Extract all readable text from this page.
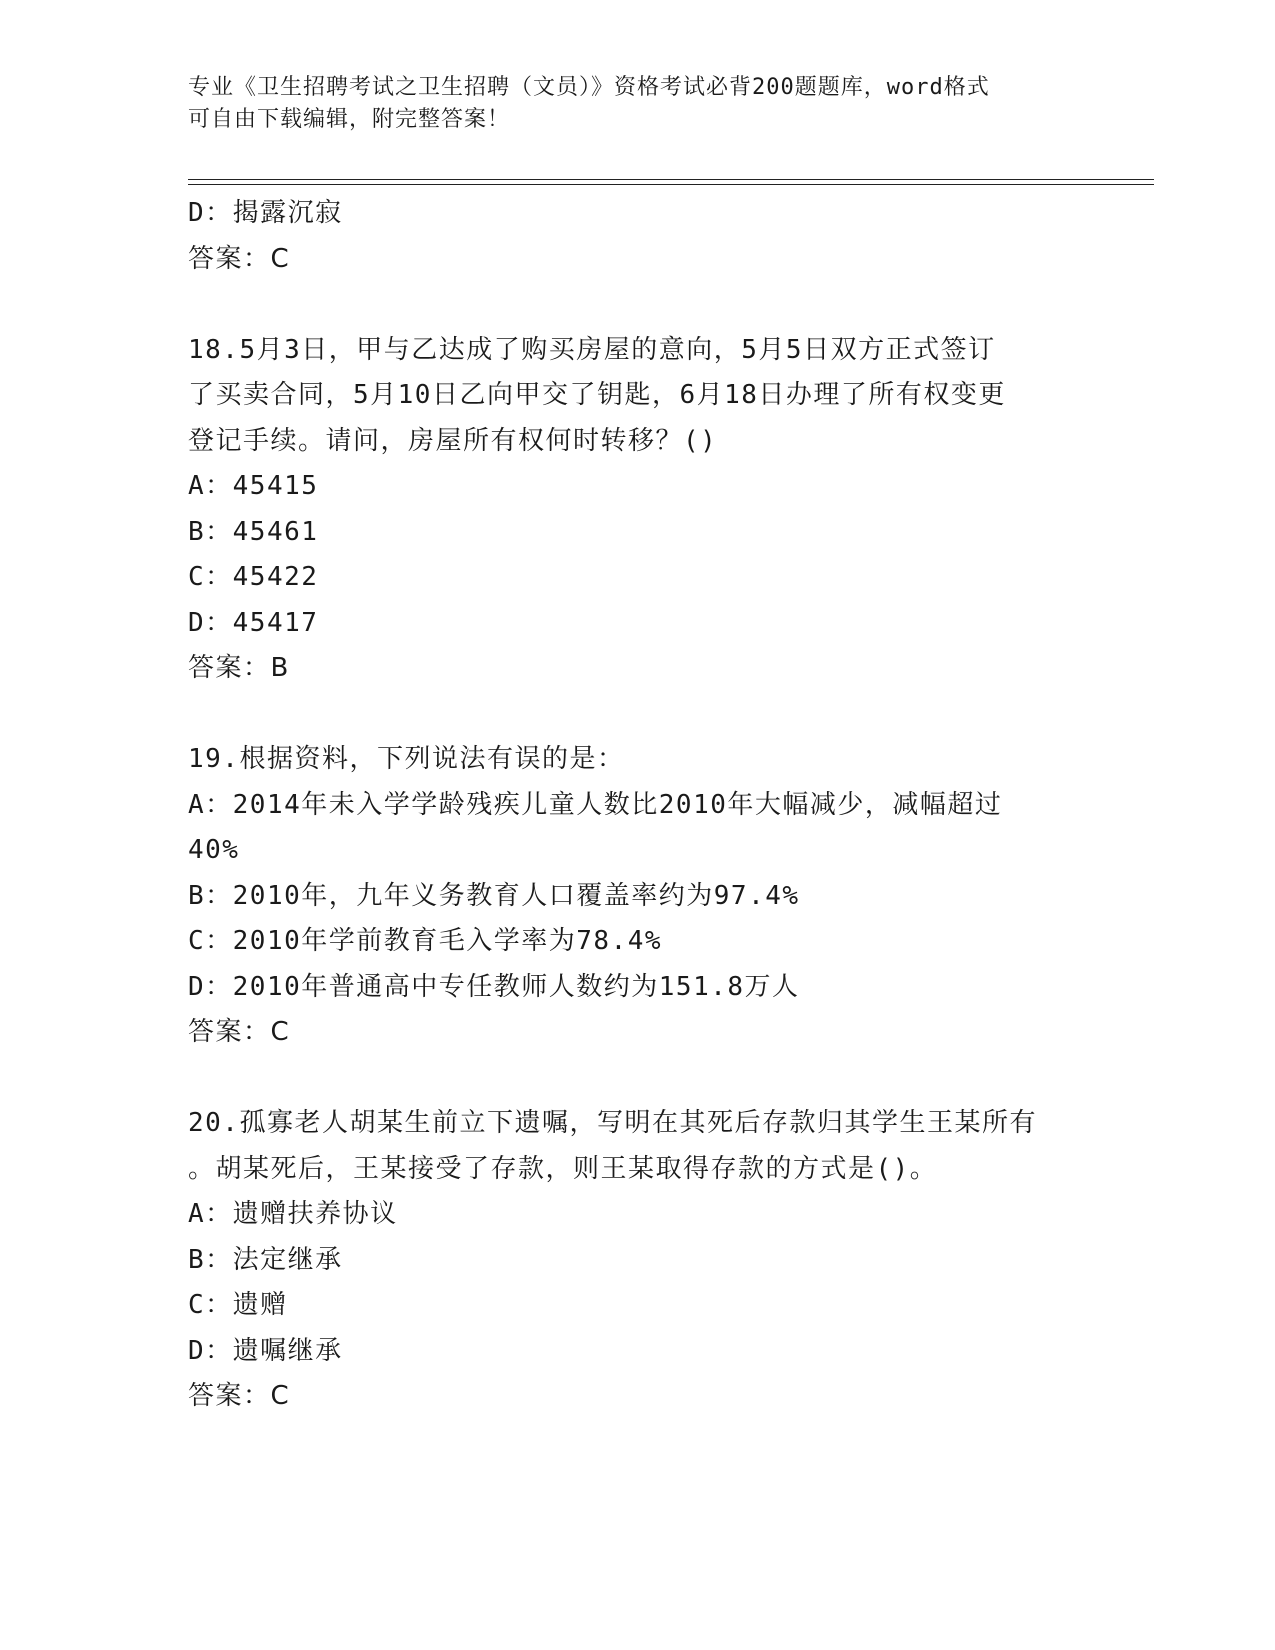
专业《卫生招聘考试之卫生招聘（文员）》资格考试必背200题题库，word格式
可自由下载编辑，附完整答案！
D：揭露沉寂
答案：C
18.5月3日，甲与乙达成了购买房屋的意向，5月5日双方正式签订
了买卖合同，5月10日乙向甲交了钥匙，6月18日办理了所有权变更
登记手续。请问，房屋所有权何时转移？()
A：45415
B：45461
C：45422
D：45417
答案：B
19.根据资料，下列说法有误的是：
A：2014年未入学学龄残疾儿童人数比2010年大幅减少，减幅超过
40%
B：2010年，九年义务教育人口覆盖率约为97.4%
C：2010年学前教育毛入学率为78.4%
D：2010年普通高中专任教师人数约为151.8万人
答案：C
20.孤寡老人胡某生前立下遗嘱，写明在其死后存款归其学生王某所有
。胡某死后，王某接受了存款，则王某取得存款的方式是()。
A：遗赠扶养协议
B：法定继承
C：遗赠
D：遗嘱继承
答案：C
